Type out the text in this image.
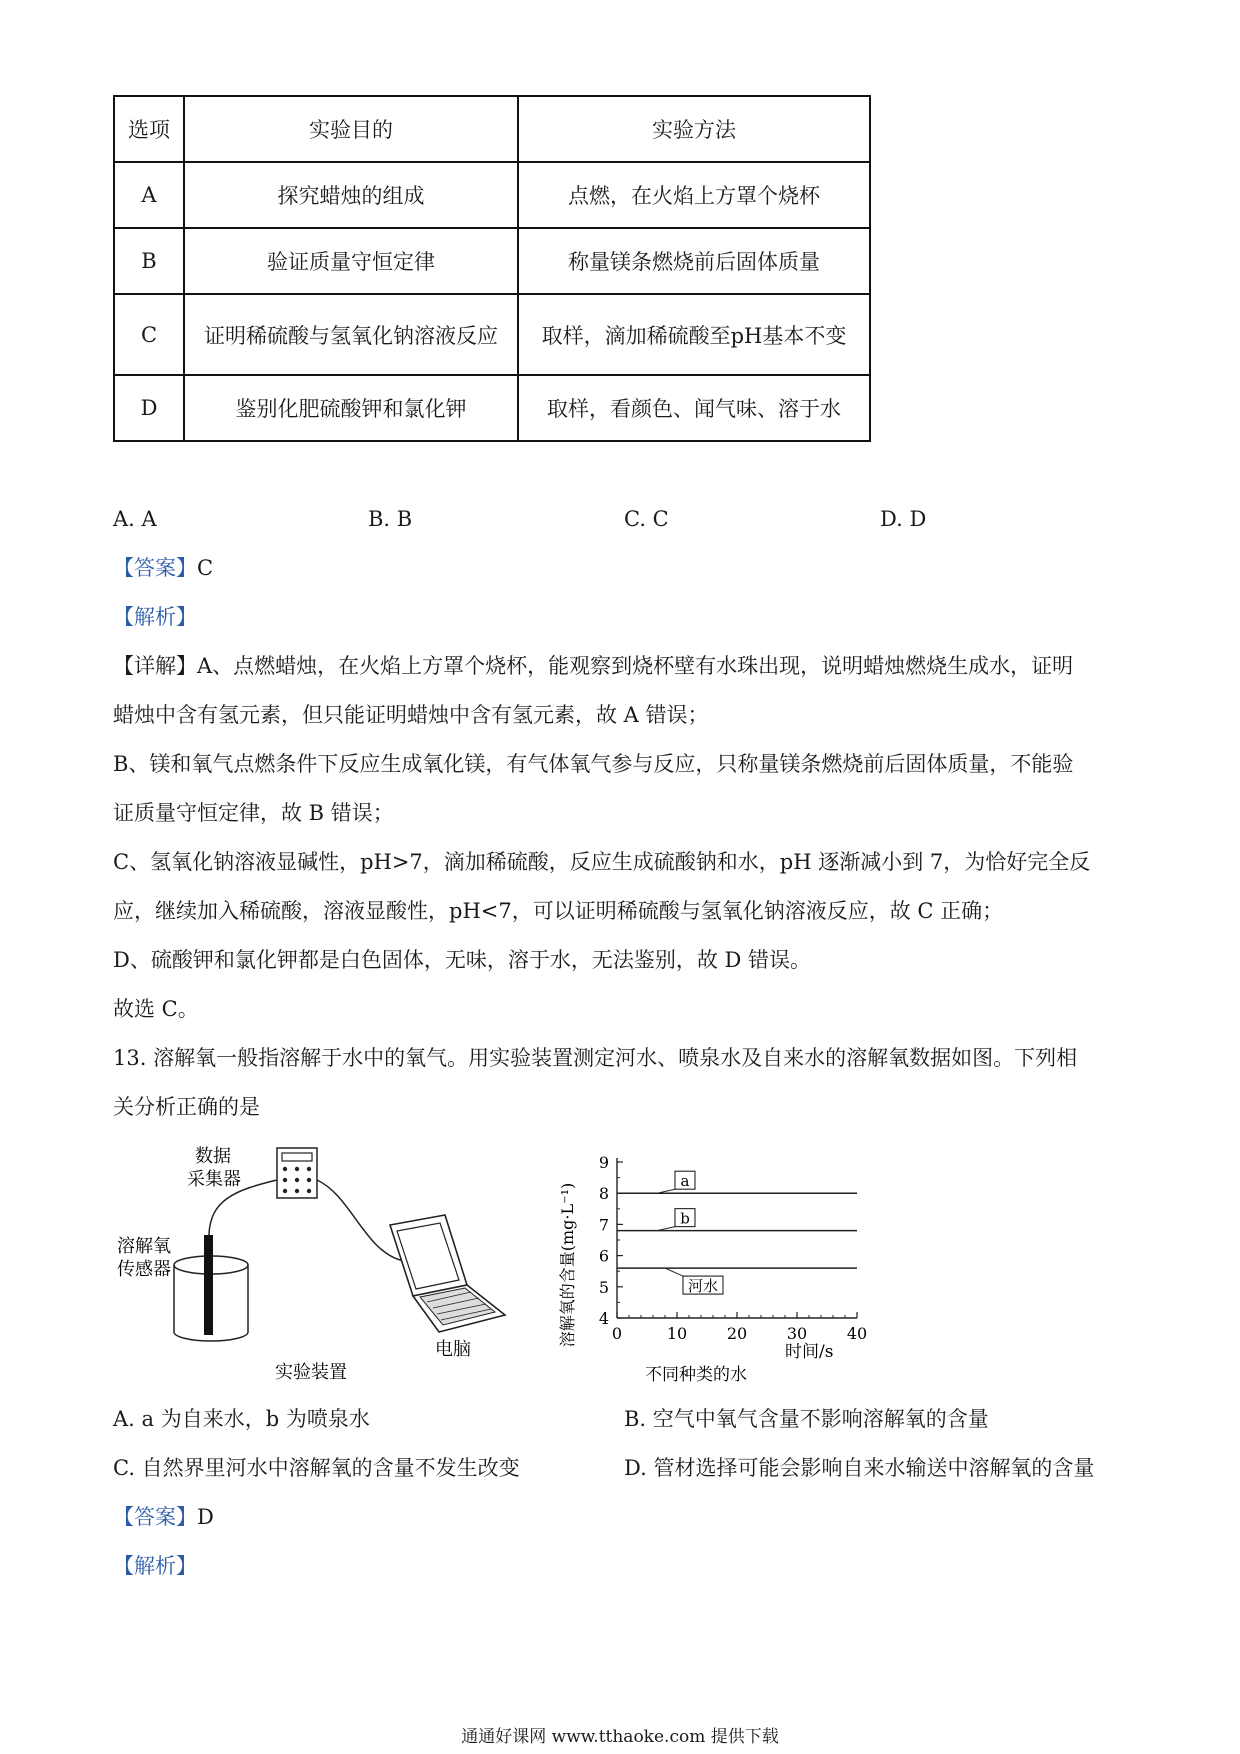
选项	实验目的	实验方法
A	探究蜡烛的组成	点燃，在火焰上方罩个烧杯
B	验证质量守恒定律	称量镁条燃烧前后固体质量
C	证明稀硫酸与氢氧化钠溶液反应	取样，滴加稀硫酸至pH基本不变
D	鉴别化肥硫酸钾和氯化钾	取样，看颜色、闻气味、溶于水
A. A	B. B	C. C	D. D
【答案】C
【解析】
【详解】A、点燃蜡烛，在火焰上方罩个烧杯，能观察到烧杯壁有水珠出现，说明蜡烛燃烧生成水，证明
蜡烛中含有氢元素，但只能证明蜡烛中含有氢元素，故 A 错误；
B、镁和氧气点燃条件下反应生成氧化镁，有气体氧气参与反应，只称量镁条燃烧前后固体质量，不能验
证质量守恒定律，故 B 错误；
C、氢氧化钠溶液显碱性，pH>7，滴加稀硫酸，反应生成硫酸钠和水，pH 逐渐减小到 7，为恰好完全反
应，继续加入稀硫酸，溶液显酸性，pH<7，可以证明稀硫酸与氢氧化钠溶液反应，故 C 正确；
D、硫酸钾和氯化钾都是白色固体，无味，溶于水，无法鉴别，故 D 错误。
故选 C。
13. 溶解氧一般指溶解于水中的氧气。用实验装置测定河水、喷泉水及自来水的溶解氧数据如图。下列相
关分析正确的是
数据
采集器
溶解氧
传感器
电脑
实验装置
溶解氧的含量(mg·L⁻¹) 4
5
6
7
8
9
0	10 20 30 40
a
b
河水
时间/s
不同种类的水
A. a 为自来水，b 为喷泉水	B. 空气中氧气含量不影响溶解氧的含量
C. 自然界里河水中溶解氧的含量不发生改变	D. 管材选择可能会影响自来水输送中溶解氧的含量
【答案】D
【解析】
通通好课网 www.tthaoke.com 提供下载
